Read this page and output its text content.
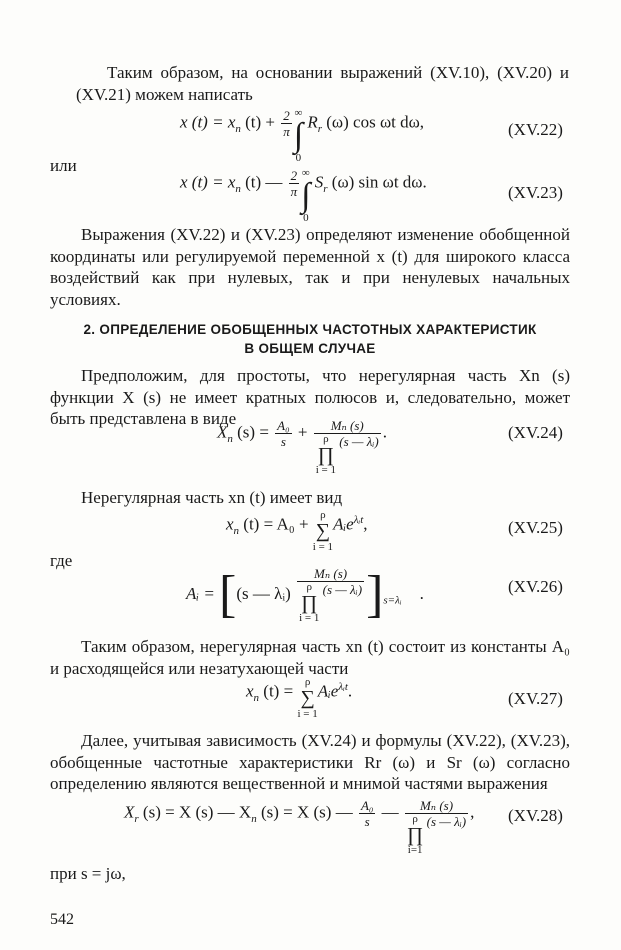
Таким образом, на основании выражений (XV.10), (XV.20) и (XV.21) можем написать

x $(t) = x_n$ $(t) + \frac{2}{\pi}$ ∞
∫
0
$R_r$ (ω) cos ωt dω,	(XV.22)

или

x $(t) = x_n$ (t) — $\frac{2}{\pi}$ ∞
∫
0
$S_r$ (ω) sin ωt dω.
(XV.23)

Выражения (XV.22) и (XV.23) определяют изменение обобщенной координаты или регулируемой переменной x (t) для широкого класса воздействий как при нулевых, так и при ненулевых начальных условиях.

2. ОПРЕДЕЛЕНИЕ ОБОБЩЕННЫХ ЧАСТОТНЫХ ХАРАКТЕРИСТИК
В ОБЩЕМ СЛУЧАЕ

Предположим, для простоты, что нерегулярная часть Xn (s) функции X (s) не имеет кратных полюсов и, следовательно, может быть представлена в виде

$X_n$ $(s) = \frac{\text{A₀}}{s} + M_n$ (s)
ρ
∏
i = 1
(s — λᵢ) .	(XV.24)

Нерегулярная часть xn (t) имеет вид

$x_n$ (t) = A₀ + ρ
∑
i = 1
Aᵢe$^{\lambda ᵢt}$,	(XV.25)

где

Aᵢ = [(s — λᵢ) Mₙ (s)
ρ
∏
i = 1
(s — λᵢ) ]$_{s=\lambda ᵢ}$ .	(XV.26)

Таким образом, нерегулярная часть xn (t) состоит из константы A₀ и расходящейся или незатухающей части

$x_n$ (t) = ρ
∑
i = 1
Aᵢe$^{\lambda ᵢt}$.	(XV.27)

Далее, учитывая зависимость (XV.24) и формулы (XV.22), (XV.23), обобщенные частотные характеристики Rr (ω) и Sr (ω) согласно определению являются вещественной и мнимой частями выражения

$X_r$ (s) = X (s) — $X_n$ (s) = X (s) — $\frac{\text{A₀}}{s}$ — Mₙ (s)
ρ
∏
i=1
(s — λᵢ) , (XV.28)

при s = jω,

542
